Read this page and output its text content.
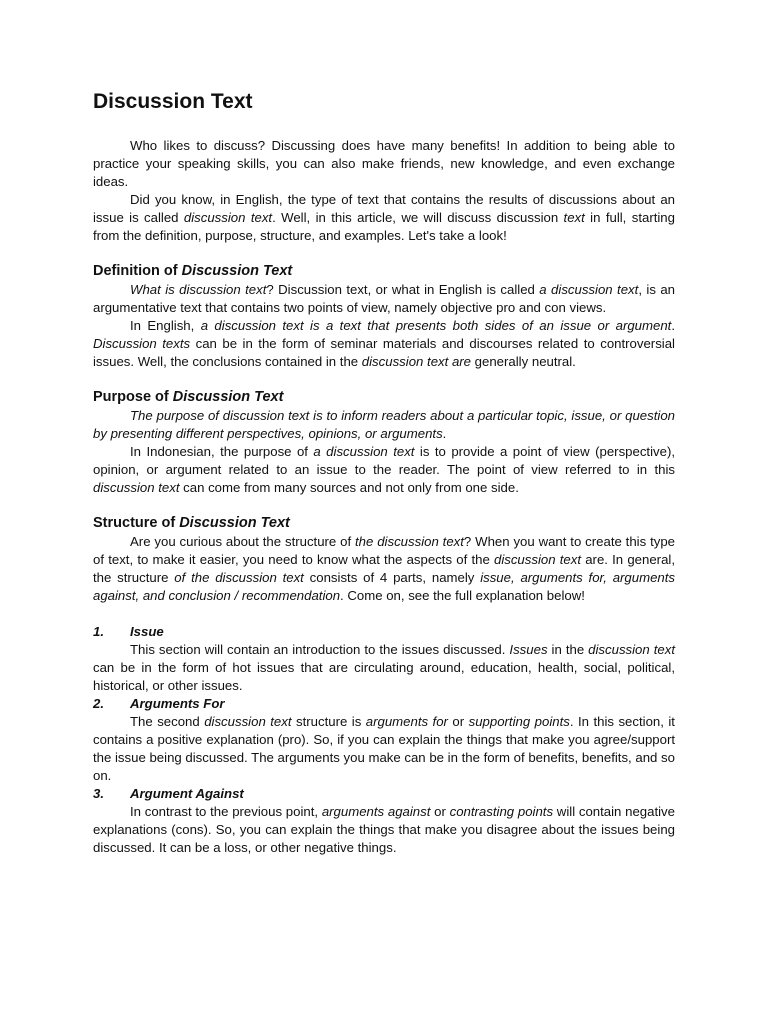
Discussion Text

Who likes to discuss? Discussing does have many benefits! In addition to being able to practice your speaking skills, you can also make friends, new knowledge, and even exchange ideas.

Did you know, in English, the type of text that contains the results of discussions about an issue is called discussion text. Well, in this article, we will discuss discussion text in full, starting from the definition, purpose, structure, and examples. Let's take a look!

Definition of Discussion Text

What is discussion text? Discussion text, or what in English is called a discussion text, is an argumentative text that contains two points of view, namely objective pro and con views.

In English, a discussion text is a text that presents both sides of an issue or argument. Discussion texts can be in the form of seminar materials and discourses related to controversial issues. Well, the conclusions contained in the discussion text are generally neutral.

Purpose of Discussion Text

The purpose of discussion text is to inform readers about a particular topic, issue, or question by presenting different perspectives, opinions, or arguments.

In Indonesian, the purpose of a discussion text is to provide a point of view (perspective), opinion, or argument related to an issue to the reader. The point of view referred to in this discussion text can come from many sources and not only from one side.

Structure of Discussion Text

Are you curious about the structure of the discussion text? When you want to create this type of text, to make it easier, you need to know what the aspects of the discussion text are. In general, the structure of the discussion text consists of 4 parts, namely issue, arguments for, arguments against, and conclusion / recommendation. Come on, see the full explanation below!

1. Issue

This section will contain an introduction to the issues discussed. Issues in the discussion text can be in the form of hot issues that are circulating around, education, health, social, political, historical, or other issues.

2. Arguments For

The second discussion text structure is arguments for or supporting points. In this section, it contains a positive explanation (pro). So, if you can explain the things that make you agree/support the issue being discussed. The arguments you make can be in the form of benefits, benefits, and so on.

3. Argument Against

In contrast to the previous point, arguments against or contrasting points will contain negative explanations (cons). So, you can explain the things that make you disagree about the issues being discussed. It can be a loss, or other negative things.
